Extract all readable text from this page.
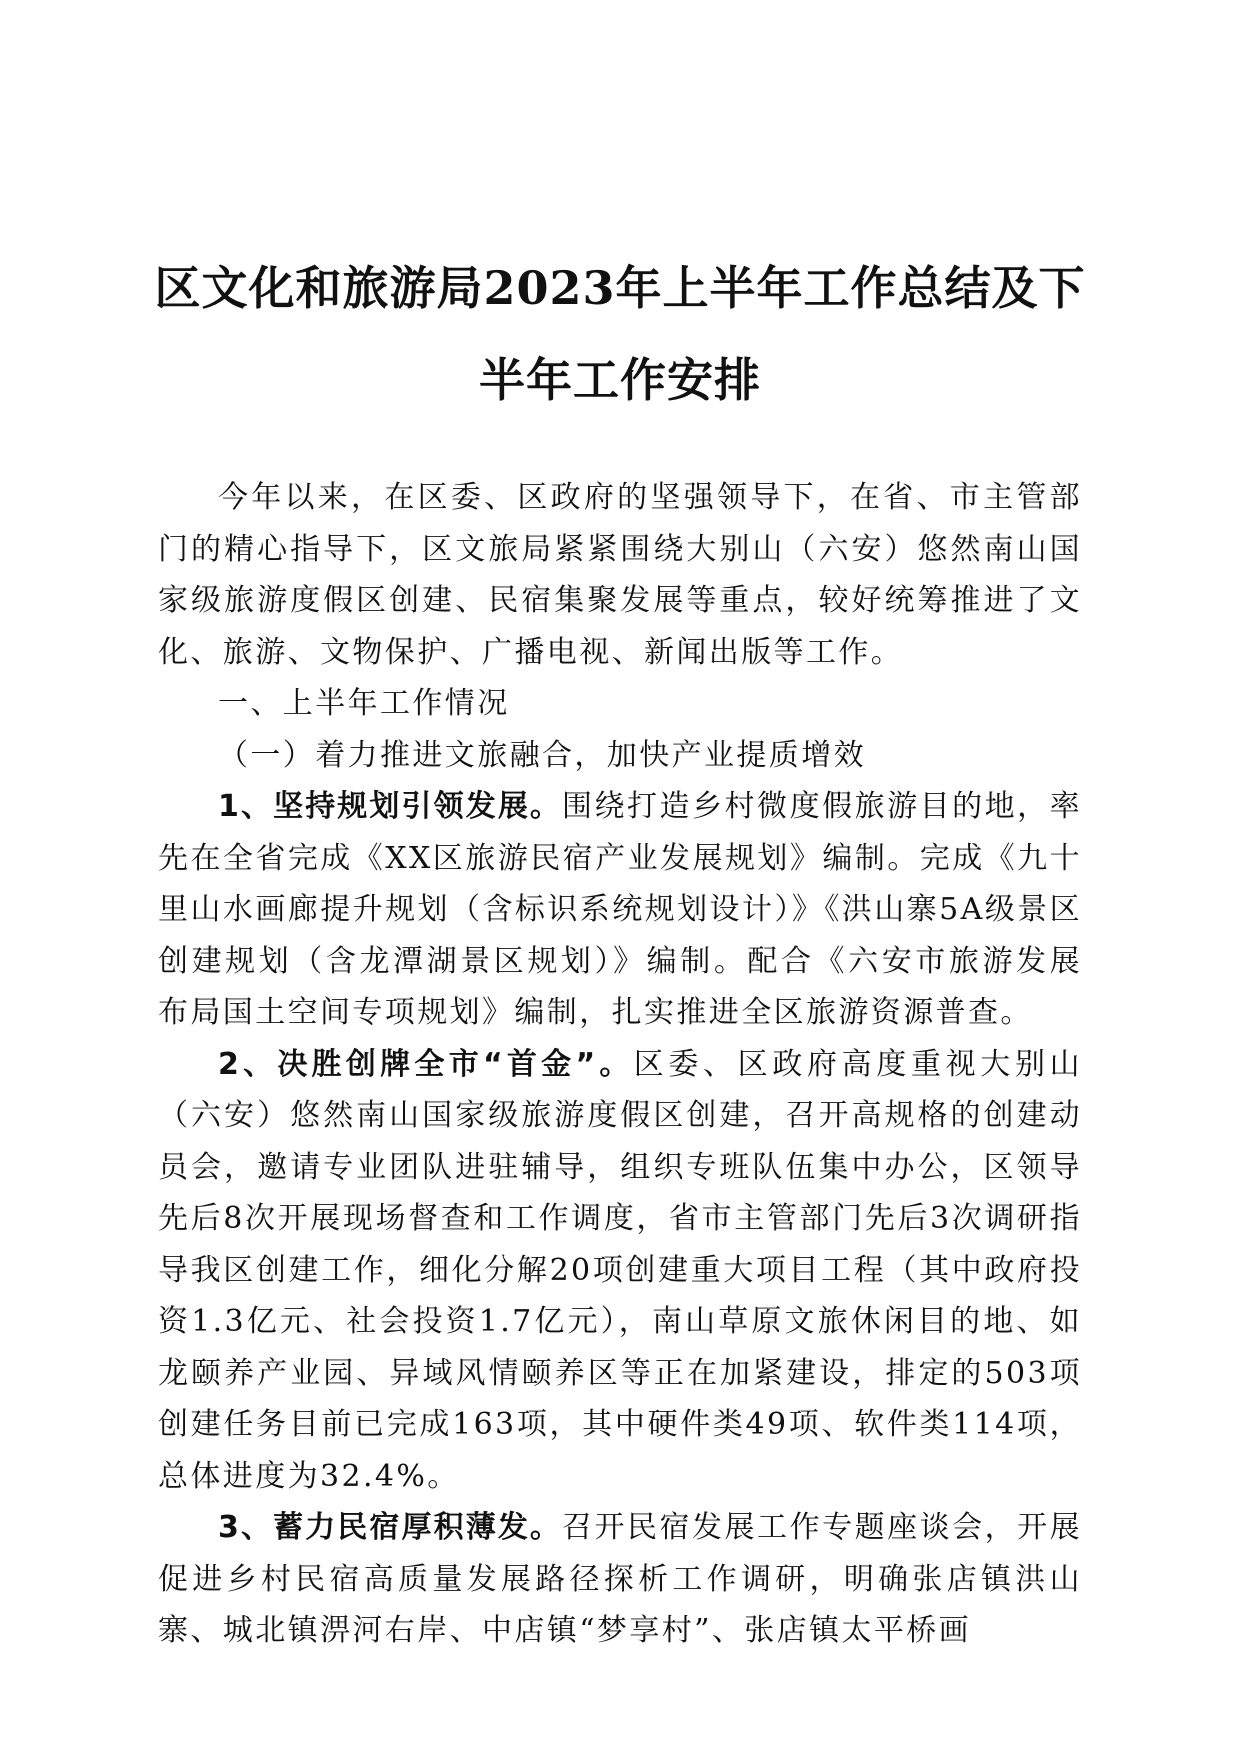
区文化和旅游局2023年上半年工作总结及下
半年工作安排

今年以来，在区委、区政府的坚强领导下，在省、市主管部门的精心指导下，区文旅局紧紧围绕大别山（六安）悠然南山国家级旅游度假区创建、民宿集聚发展等重点，较好统筹推进了文化、旅游、文物保护、广播电视、新闻出版等工作。

一、上半年工作情况

（一）着力推进文旅融合，加快产业提质增效

1、坚持规划引领发展。围绕打造乡村微度假旅游目的地，率先在全省完成《XX区旅游民宿产业发展规划》编制。完成《九十里山水画廊提升规划（含标识系统规划设计）》《洪山寨5A级景区创建规划（含龙潭湖景区规划）》编制。配合《六安市旅游发展布局国土空间专项规划》编制，扎实推进全区旅游资源普查。

2、决胜创牌全市“首金”。区委、区政府高度重视大别山（六安）悠然南山国家级旅游度假区创建，召开高规格的创建动员会，邀请专业团队进驻辅导，组织专班队伍集中办公，区领导先后8次开展现场督查和工作调度，省市主管部门先后3次调研指导我区创建工作，细化分解20项创建重大项目工程（其中政府投资1.3亿元、社会投资1.7亿元），南山草原文旅休闲目的地、如龙颐养产业园、异域风情颐养区等正在加紧建设，排定的503项创建任务目前已完成163项，其中硬件类49项、软件类114项，总体进度为32.4%。

3、蓄力民宿厚积薄发。召开民宿发展工作专题座谈会，开展促进乡村民宿高质量发展路径探析工作调研，明确张店镇洪山寨、城北镇淠河右岸、中店镇“梦享村”、张店镇太平桥画
